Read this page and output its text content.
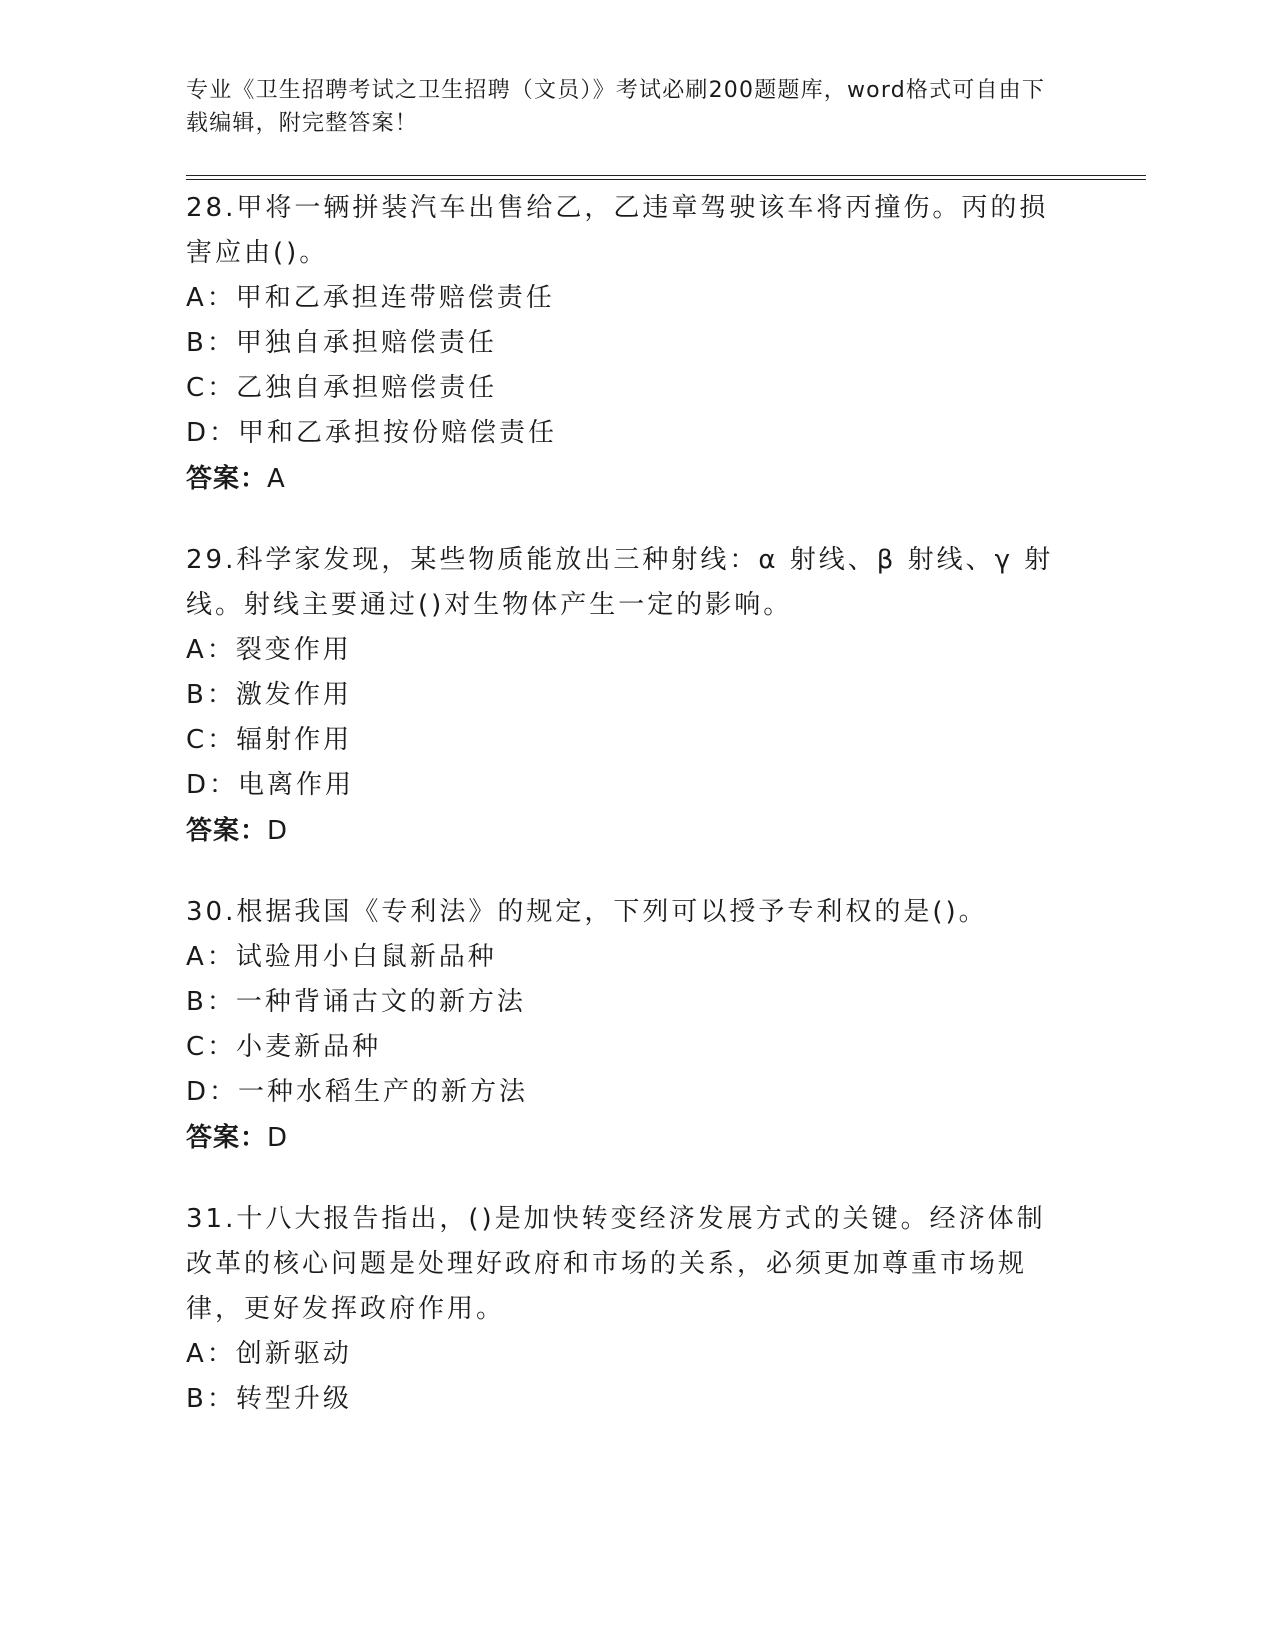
专业《卫生招聘考试之卫生招聘（文员）》考试必刷200题题库，word格式可自由下载编辑，附完整答案！

28.甲将一辆拼装汽车出售给乙，乙违章驾驶该车将丙撞伤。丙的损害应由()。

A：甲和乙承担连带赔偿责任

B：甲独自承担赔偿责任

C：乙独自承担赔偿责任

D：甲和乙承担按份赔偿责任

答案：A

29.科学家发现，某些物质能放出三种射线：α 射线、β 射线、γ 射线。射线主要通过()对生物体产生一定的影响。

A：裂变作用

B：激发作用

C：辐射作用

D：电离作用

答案：D

30.根据我国《专利法》的规定，下列可以授予专利权的是()。

A：试验用小白鼠新品种

B：一种背诵古文的新方法

C：小麦新品种

D：一种水稻生产的新方法

答案：D

31.十八大报告指出，()是加快转变经济发展方式的关键。经济体制改革的核心问题是处理好政府和市场的关系，必须更加尊重市场规律，更好发挥政府作用。

A：创新驱动

B：转型升级
